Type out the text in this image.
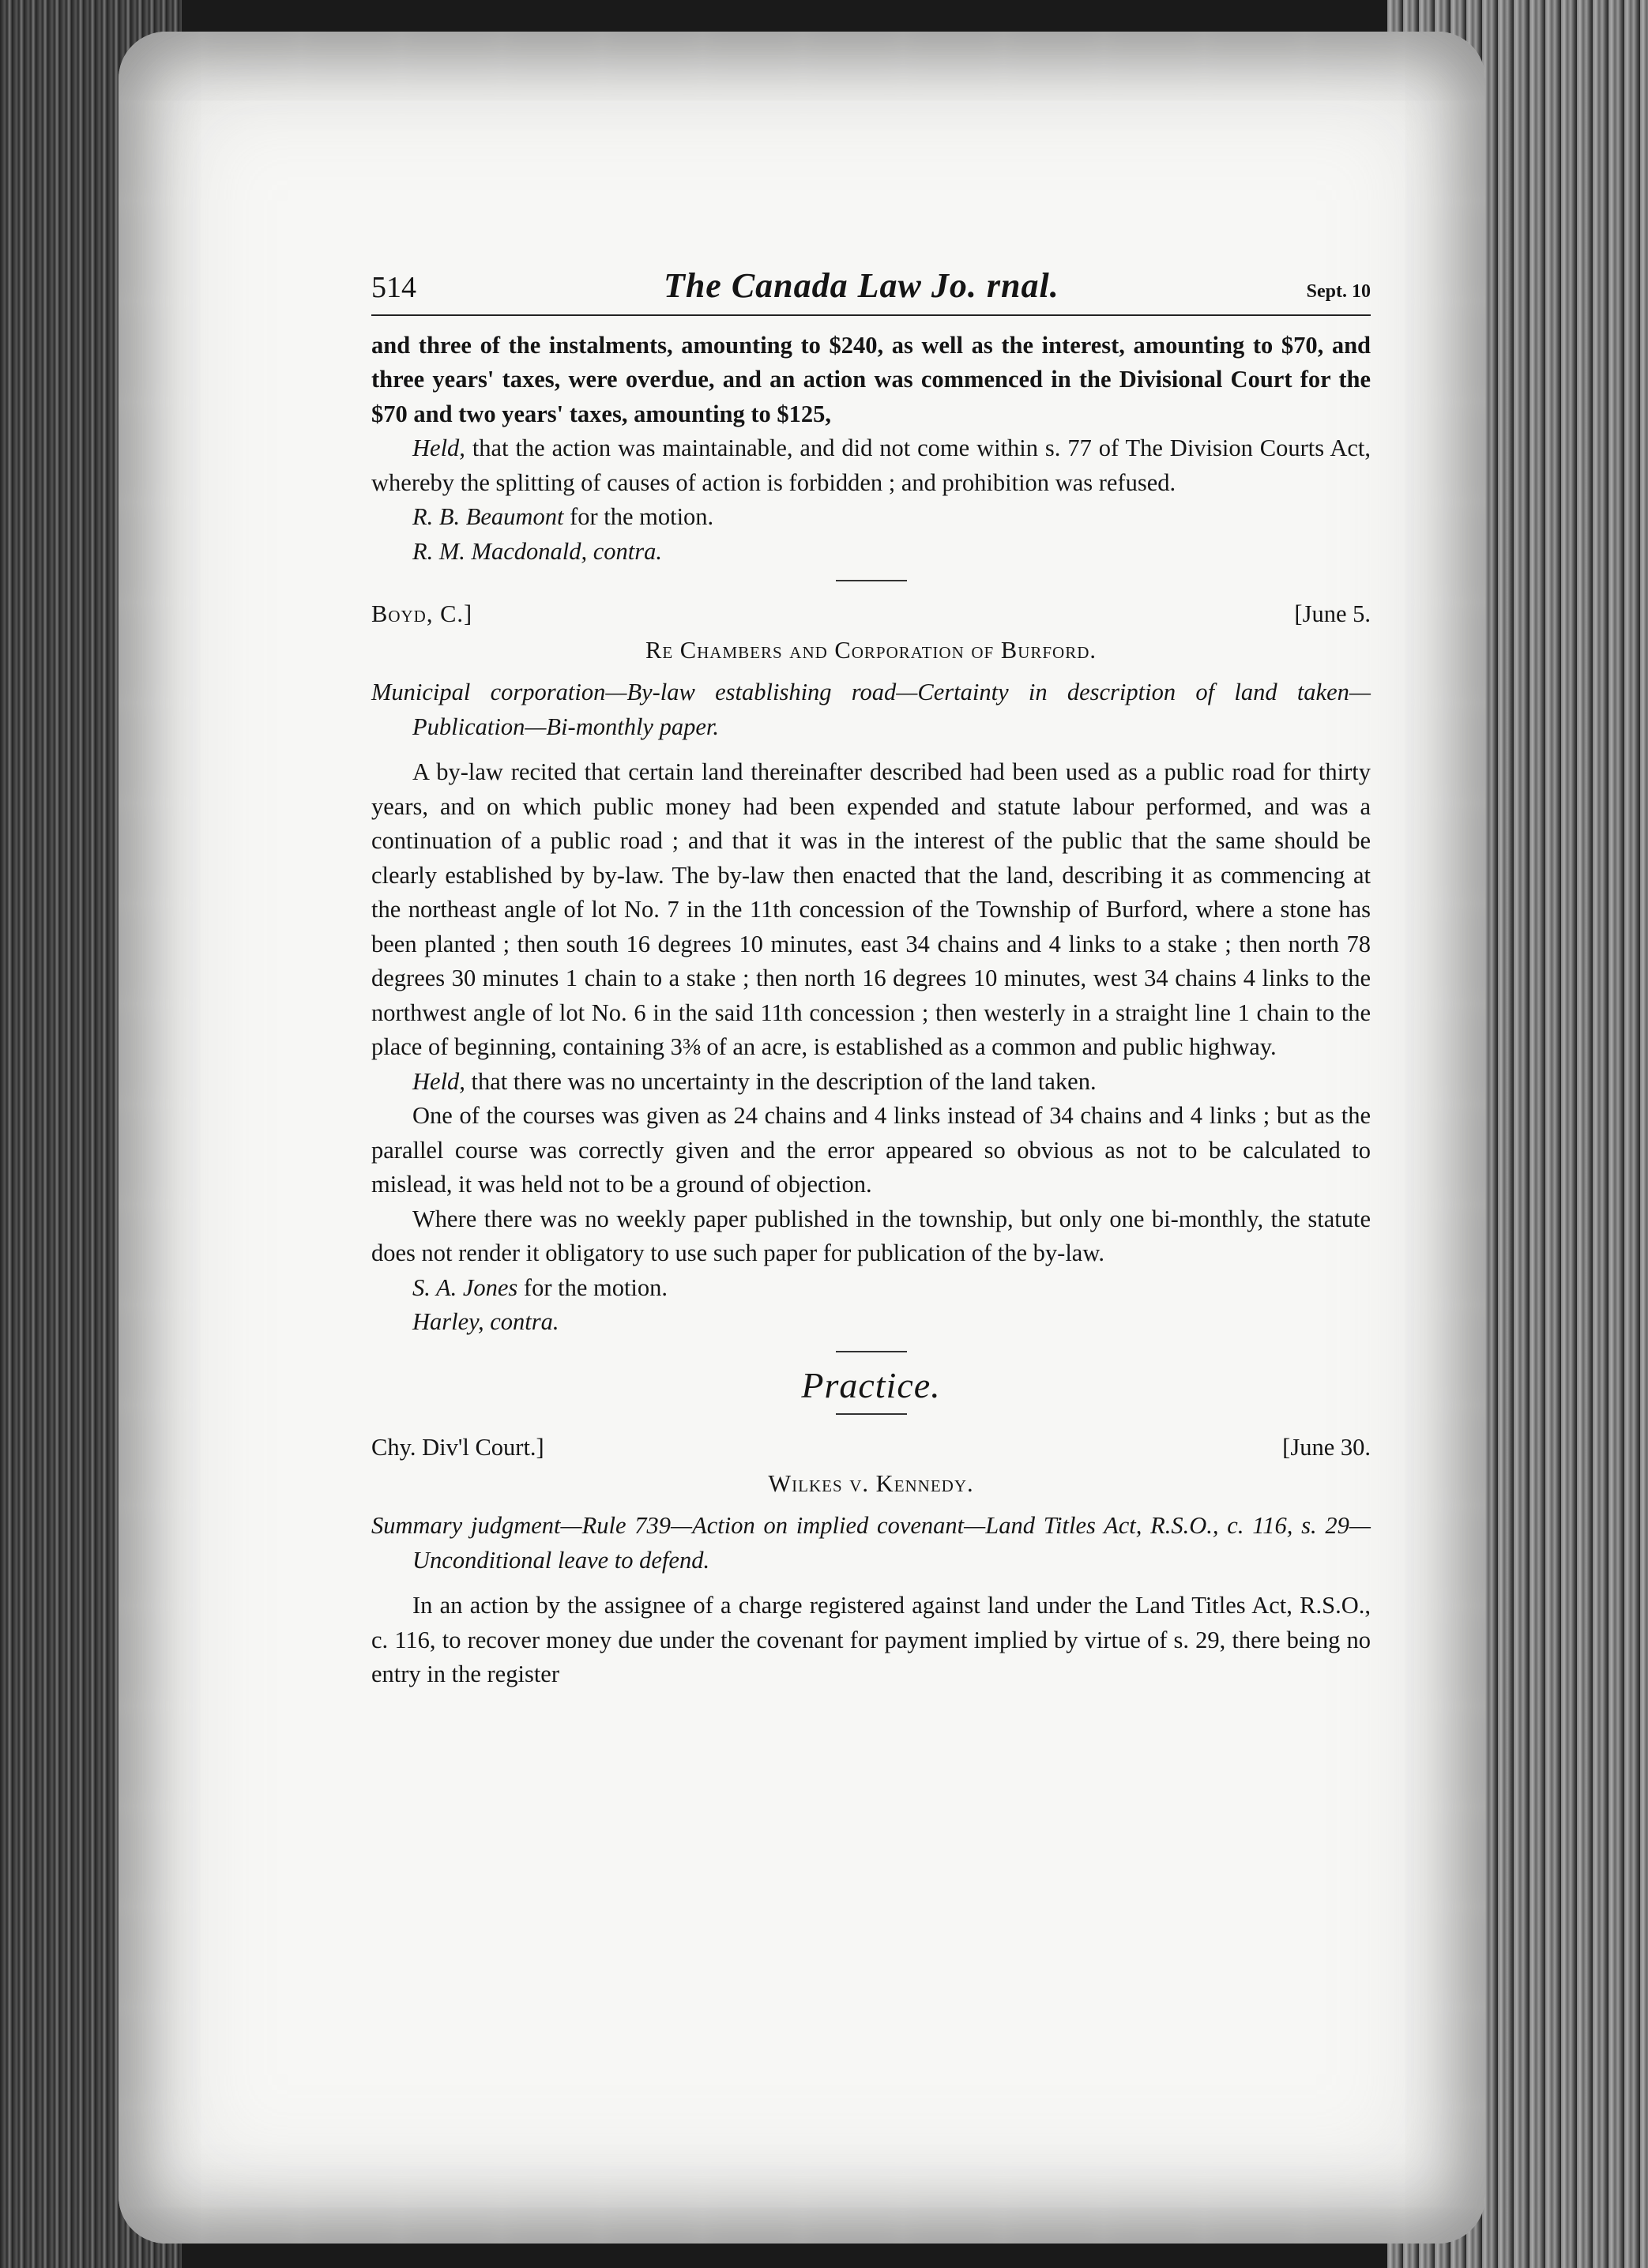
514	The Canada Law Jo. rnal.	Sept. 10

and three of the instalments, amounting to $240, as well as the interest, amounting to $70, and three years' taxes, were overdue, and an action was commenced in the Divisional Court for the $70 and two years' taxes, amounting to $125,

Held, that the action was maintainable, and did not come within s. 77 of The Division Courts Act, whereby the splitting of causes of action is forbidden ; and prohibition was refused.

R. B. Beaumont for the motion.

R. M. Macdonald, contra.

Boyd, C.]	[June 5.
Re Chambers and Corporation of Burford.

Municipal corporation—By-law establishing road—Certainty in description of land taken—Publication—Bi-monthly paper.

A by-law recited that certain land thereinafter described had been used as a public road for thirty years, and on which public money had been expended and statute labour performed, and was a continuation of a public road ; and that it was in the interest of the public that the same should be clearly established by by-law. The by-law then enacted that the land, describing it as commencing at the northeast angle of lot No. 7 in the 11th concession of the Township of Burford, where a stone has been planted ; then south 16 degrees 10 minutes, east 34 chains and 4 links to a stake ; then north 78 degrees 30 minutes 1 chain to a stake ; then north 16 degrees 10 minutes, west 34 chains 4 links to the northwest angle of lot No. 6 in the said 11th concession ; then westerly in a straight line 1 chain to the place of beginning, containing 3⅜ of an acre, is established as a common and public highway.

Held, that there was no uncertainty in the description of the land taken.

One of the courses was given as 24 chains and 4 links instead of 34 chains and 4 links ; but as the parallel course was correctly given and the error appeared so obvious as not to be calculated to mislead, it was held not to be a ground of objection.

Where there was no weekly paper published in the township, but only one bi-monthly, the statute does not render it obligatory to use such paper for publication of the by-law.

S. A. Jones for the motion.

Harley, contra.

Practice.
Chy. Div'l Court.]	[June 30.
Wilkes v. Kennedy.

Summary judgment—Rule 739—Action on implied covenant—Land Titles Act, R.S.O., c. 116, s. 29—Unconditional leave to defend.

In an action by the assignee of a charge registered against land under the Land Titles Act, R.S.O., c. 116, to recover money due under the covenant for payment implied by virtue of s. 29, there being no entry in the register
